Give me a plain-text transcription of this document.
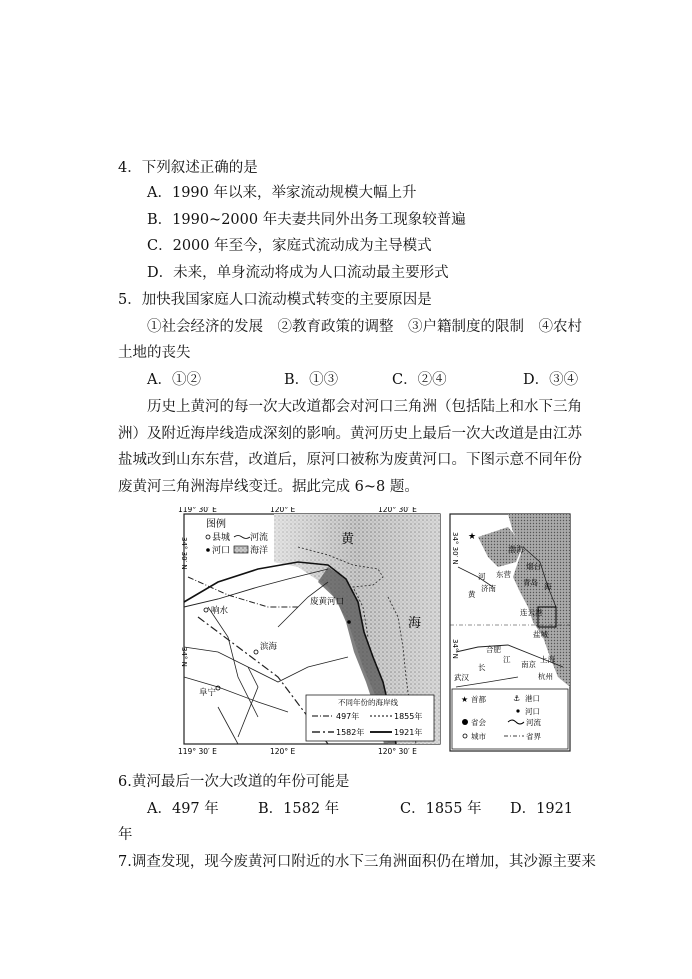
4．下列叙述正确的是
A．1990 年以来，举家流动规模大幅上升
B．1990~2000 年夫妻共同外出务工现象较普遍
C．2000 年至今，家庭式流动成为主导模式
D．未来，单身流动将成为人口流动最主要形式
5．加快我国家庭人口流动模式转变的主要原因是
①社会经济的发展　②教育政策的调整　③户籍制度的限制　④农村
土地的丧失
A．①②	B．①③	C．②④	D．③④
历史上黄河的每一次大改道都会对河口三角洲（包括陆上和水下三角
洲）及附近海岸线造成深刻的影响。黄河历史上最后一次大改道是由江苏
盐城改到山东东营，改道后，原河口被称为废黄河口。下图示意不同年份
废黄河三角洲海岸线变迁。据此完成 6~8 题。
图例
县城 河流
河口 海洋
黄
海
废黄河口
响水
滨海
阜宁
不同年份的海岸线
497年	1855年
1582年	1921年
119° 30′ E	120° E	120° 30′ E
119° 30′ E	120° E	120° 30′ E
34° 30′ N
34° N
34° 30′ N
34° N
★
渤海
烟台
东营
河
青岛
济南
黄
连云港
海
盐城
合肥
江
南京
长
上海
武汉	杭州
★ 首都	⚓ 港口
河口
省会	河流
城市	省界
6.黄河最后一次大改道的年份可能是
A．497 年	B．1582 年	C．1855 年 D．1921
年
7.调查发现，现今废黄河口附近的水下三角洲面积仍在增加，其沙源主要来
